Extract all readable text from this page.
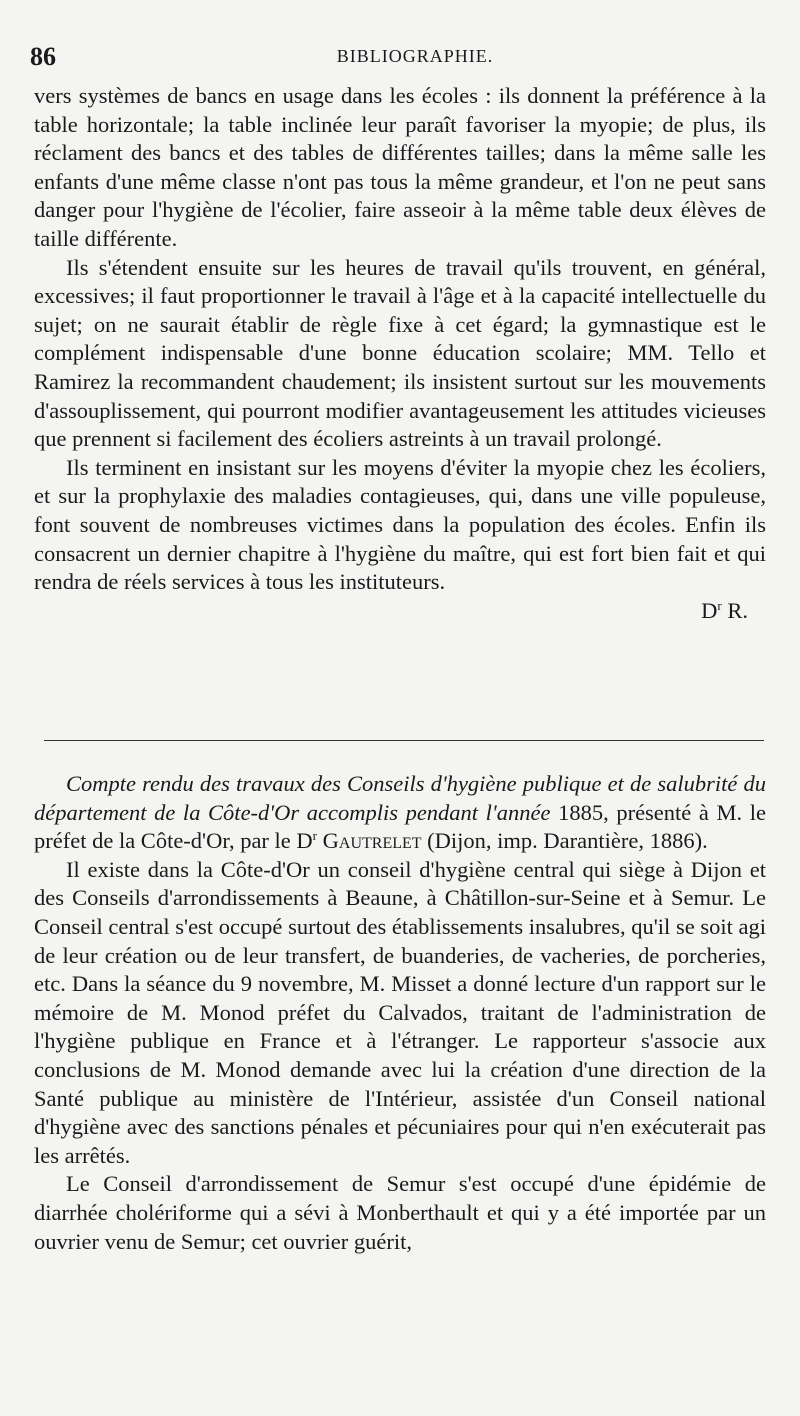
86	BIBLIOGRAPHIE.

vers systèmes de bancs en usage dans les écoles : ils donnent la préférence à la table horizontale; la table inclinée leur paraît favoriser la myopie; de plus, ils réclament des bancs et des tables de différentes tailles; dans la même salle les enfants d'une même classe n'ont pas tous la même grandeur, et l'on ne peut sans danger pour l'hygiène de l'écolier, faire asseoir à la même table deux élèves de taille différente.

Ils s'étendent ensuite sur les heures de travail qu'ils trouvent, en général, excessives; il faut proportionner le travail à l'âge et à la capacité intellectuelle du sujet; on ne saurait établir de règle fixe à cet égard; la gymnastique est le complément indispensable d'une bonne éducation scolaire; MM. Tello et Ramirez la recommandent chaudement; ils insistent surtout sur les mouvements d'assouplissement, qui pourront modifier avantageusement les attitudes vicieuses que prennent si facilement des écoliers astreints à un travail prolongé.

Ils terminent en insistant sur les moyens d'éviter la myopie chez les écoliers, et sur la prophylaxie des maladies contagieuses, qui, dans une ville populeuse, font souvent de nombreuses victimes dans la population des écoles. Enfin ils consacrent un dernier chapitre à l'hygiène du maître, qui est fort bien fait et qui rendra de réels services à tous les instituteurs.

$D^r$ R.

Compte rendu des travaux des Conseils d'hygiène publique et de salubrité du département de la Côte-d'Or accomplis pendant l'année 1885, présenté à M. le préfet de la Côte-d'Or, par le $D^r$ Gautrelet (Dijon, imp. Darantière, 1886).

Il existe dans la Côte-d'Or un conseil d'hygiène central qui siège à Dijon et des Conseils d'arrondissements à Beaune, à Châtillon-sur-Seine et à Semur. Le Conseil central s'est occupé surtout des établissements insalubres, qu'il se soit agi de leur création ou de leur transfert, de buanderies, de vacheries, de porcheries, etc. Dans la séance du 9 novembre, M. Misset a donné lecture d'un rapport sur le mémoire de M. Monod préfet du Calvados, traitant de l'administration de l'hygiène publique en France et à l'étranger. Le rapporteur s'associe aux conclusions de M. Monod demande avec lui la création d'une direction de la Santé publique au ministère de l'Intérieur, assistée d'un Conseil national d'hygiène avec des sanctions pénales et pécuniaires pour qui n'en exécuterait pas les arrêtés.

Le Conseil d'arrondissement de Semur s'est occupé d'une épidémie de diarrhée cholériforme qui a sévi à Monberthault et qui y a été importée par un ouvrier venu de Semur; cet ouvrier guérit,
